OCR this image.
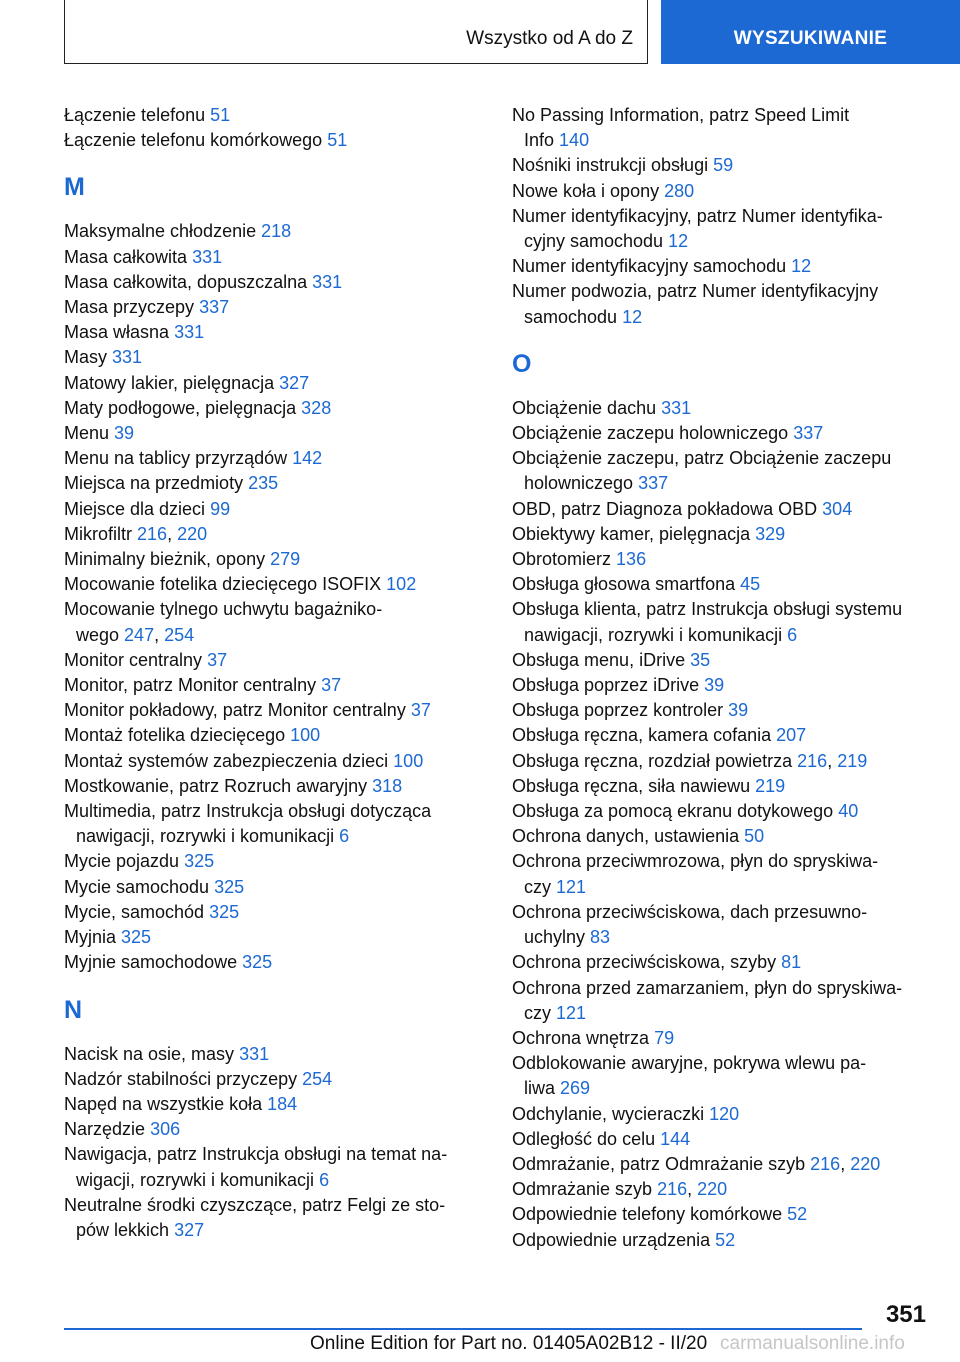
Wszystko od A do Z	WYSZUKIWANIE
Łączenie telefonu 51
Łączenie telefonu komórkowego 51
M
Maksymalne chłodzenie 218
Masa całkowita 331
Masa całkowita, dopuszczalna 331
Masa przyczepy 337
Masa własna 331
Masy 331
Matowy lakier, pielęgnacja 327
Maty podłogowe, pielęgnacja 328
Menu 39
Menu na tablicy przyrządów 142
Miejsca na przedmioty 235
Miejsce dla dzieci 99
Mikrofiltr 216, 220
Minimalny bieżnik, opony 279
Mocowanie fotelika dziecięcego ISOFIX 102
Mocowanie tylnego uchwytu bagażniko-
wego 247, 254
Monitor centralny 37
Monitor, patrz Monitor centralny 37
Monitor pokładowy, patrz Monitor centralny 37
Montaż fotelika dziecięcego 100
Montaż systemów zabezpieczenia dzieci 100
Mostkowanie, patrz Rozruch awaryjny 318
Multimedia, patrz Instrukcja obsługi dotycząca
nawigacji, rozrywki i komunikacji 6
Mycie pojazdu 325
Mycie samochodu 325
Mycie, samochód 325
Myjnia 325
Myjnie samochodowe 325
N
Nacisk na osie, masy 331
Nadzór stabilności przyczepy 254
Napęd na wszystkie koła 184
Narzędzie 306
Nawigacja, patrz Instrukcja obsługi na temat na-
wigacji, rozrywki i komunikacji 6
Neutralne środki czyszczące, patrz Felgi ze sto-
pów lekkich 327
No Passing Information, patrz Speed Limit
Info 140
Nośniki instrukcji obsługi 59
Nowe koła i opony 280
Numer identyfikacyjny, patrz Numer identyfika-
cyjny samochodu 12
Numer identyfikacyjny samochodu 12
Numer podwozia, patrz Numer identyfikacyjny
samochodu 12
O
Obciążenie dachu 331
Obciążenie zaczepu holowniczego 337
Obciążenie zaczepu, patrz Obciążenie zaczepu
holowniczego 337
OBD, patrz Diagnoza pokładowa OBD 304
Obiektywy kamer, pielęgnacja 329
Obrotomierz 136
Obsługa głosowa smartfona 45
Obsługa klienta, patrz Instrukcja obsługi systemu
nawigacji, rozrywki i komunikacji 6
Obsługa menu, iDrive 35
Obsługa poprzez iDrive 39
Obsługa poprzez kontroler 39
Obsługa ręczna, kamera cofania 207
Obsługa ręczna, rozdział powietrza 216, 219
Obsługa ręczna, siła nawiewu 219
Obsługa za pomocą ekranu dotykowego 40
Ochrona danych, ustawienia 50
Ochrona przeciwmrozowa, płyn do spryskiwa-
czy 121
Ochrona przeciwściskowa, dach przesuwno-
uchylny 83
Ochrona przeciwściskowa, szyby 81
Ochrona przed zamarzaniem, płyn do spryskiwa-
czy 121
Ochrona wnętrza 79
Odblokowanie awaryjne, pokrywa wlewu pa-
liwa 269
Odchylanie, wycieraczki 120
Odległość do celu 144
Odmrażanie, patrz Odmrażanie szyb 216, 220
Odmrażanie szyb 216, 220
Odpowiednie telefony komórkowe 52
Odpowiednie urządzenia 52
351
Online Edition for Part no. 01405A02B12 - II/20 carmanualsonline.info
